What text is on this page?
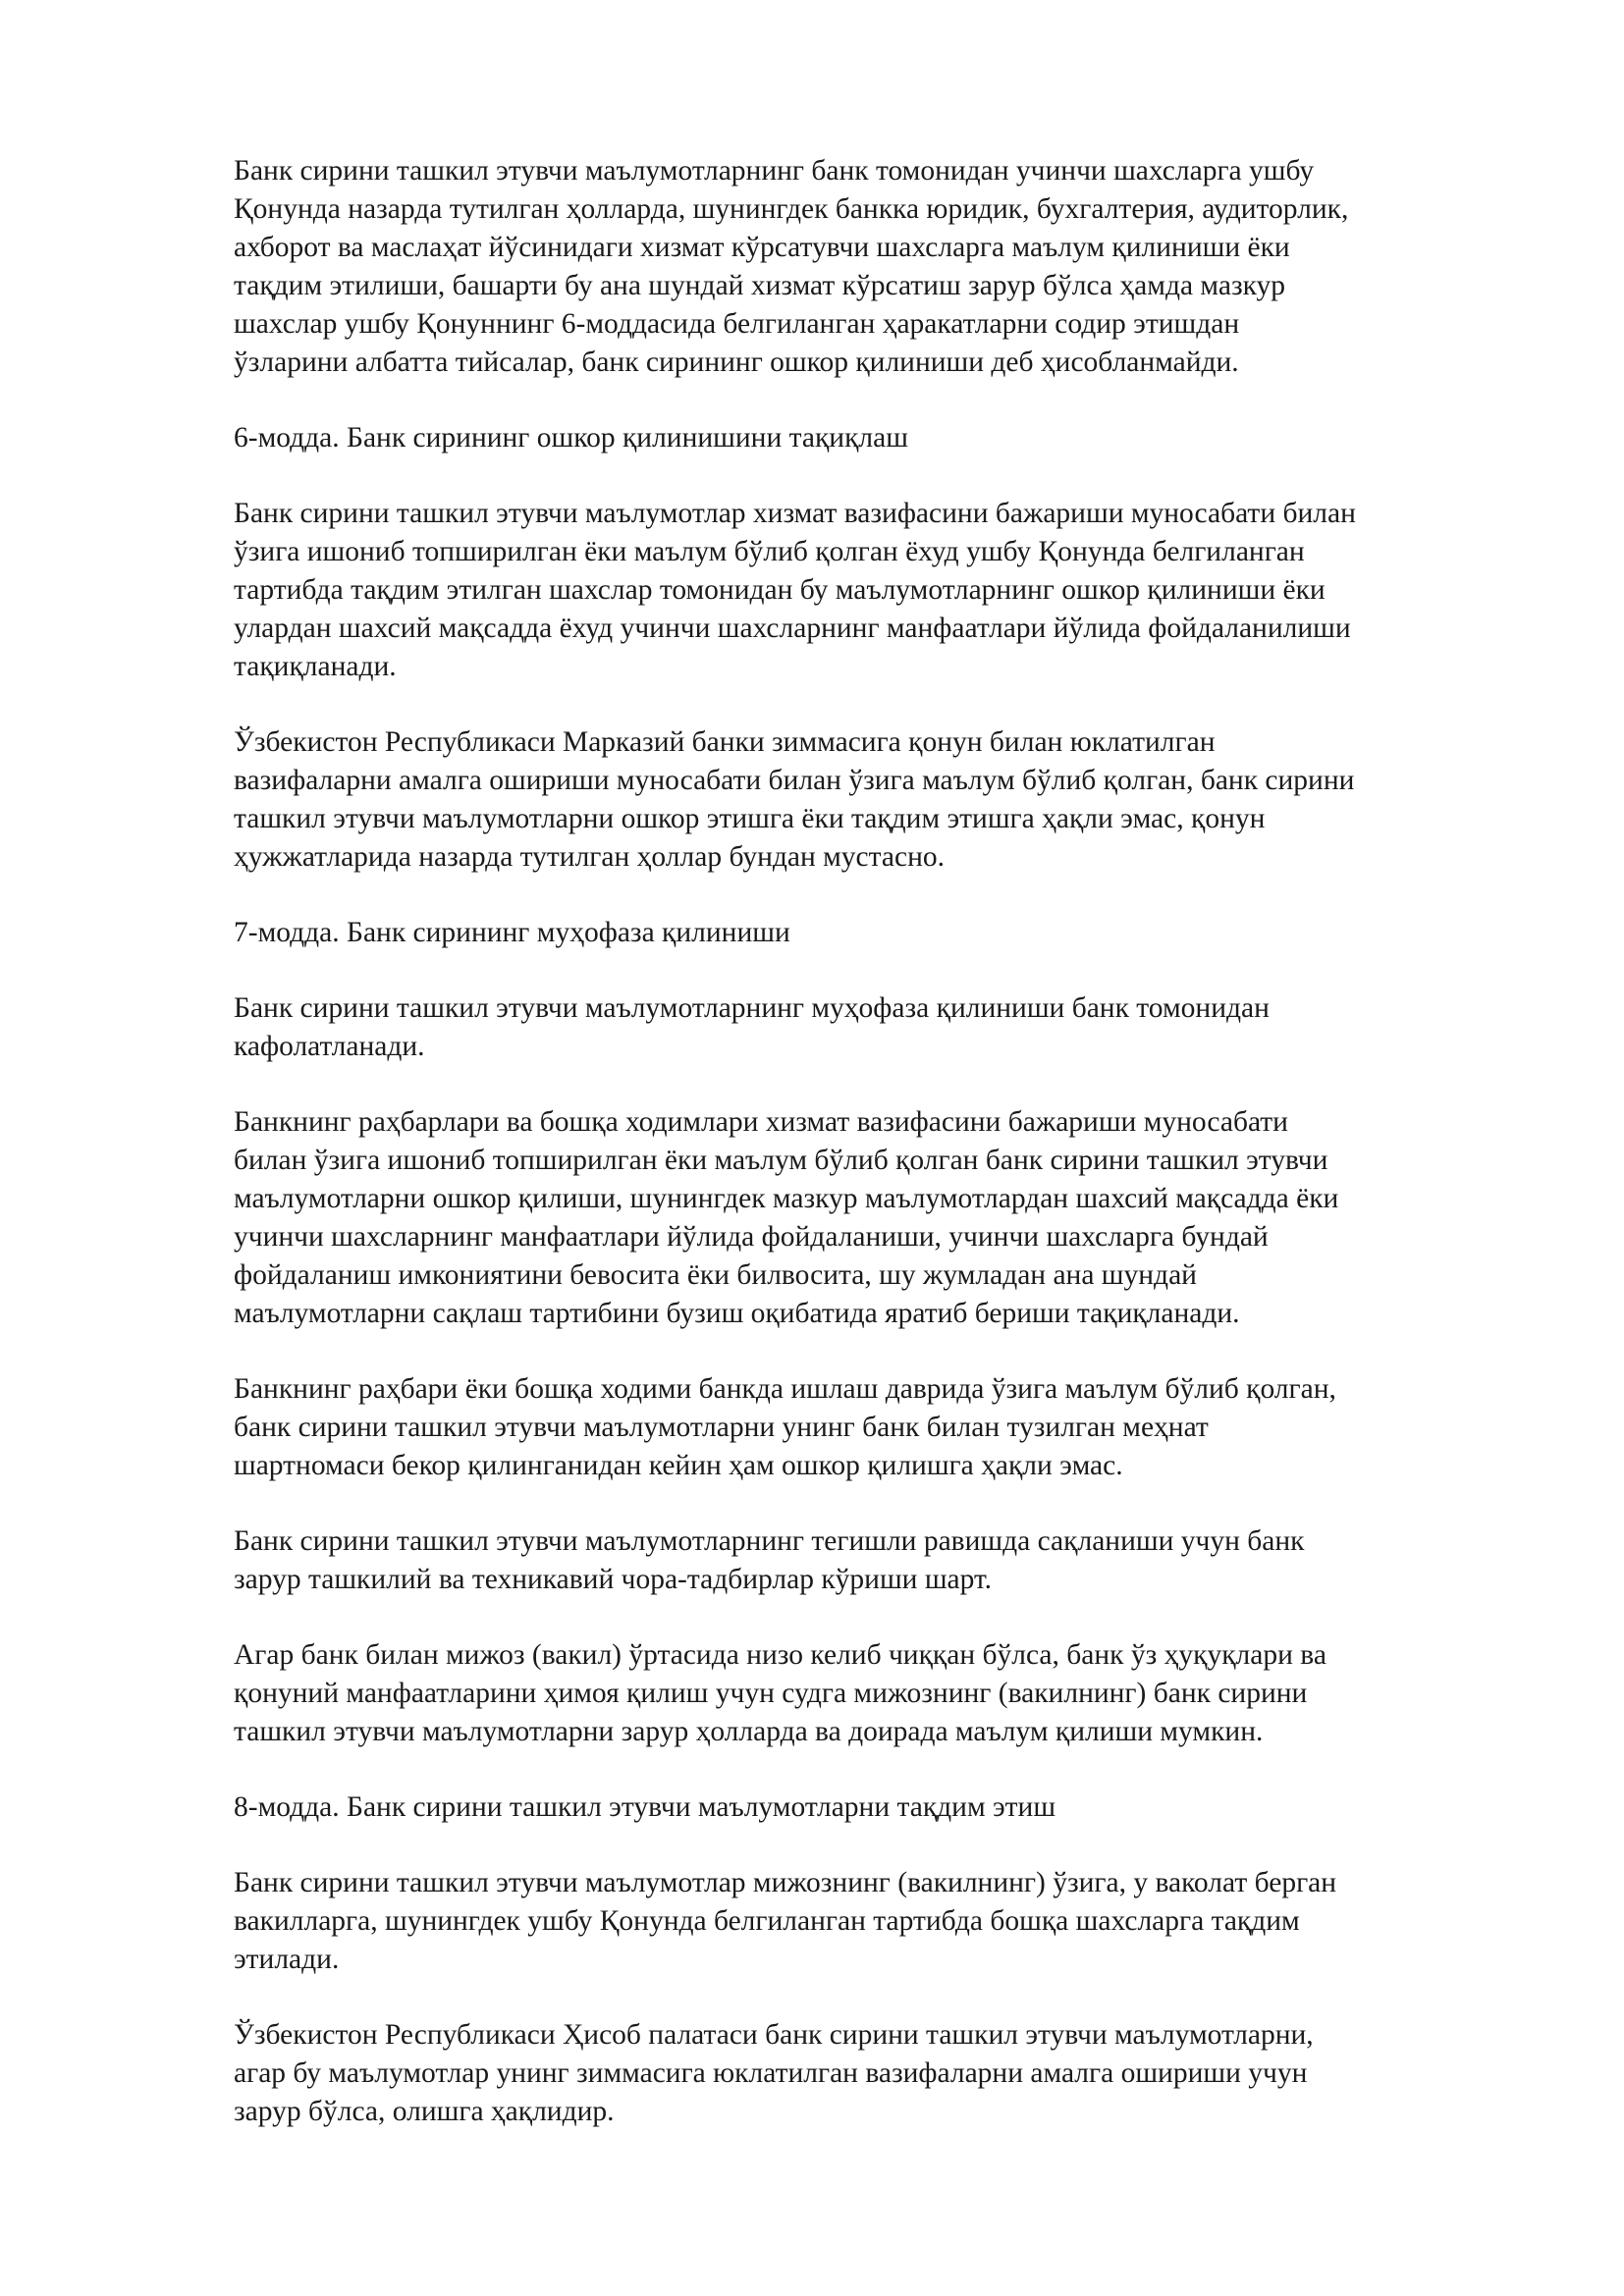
Банк сирини ташкил этувчи маълумотларнинг банк томонидан учинчи шахсларга ушбу
Қонунда назарда тутилган ҳолларда, шунингдек банкка юридик, бухгалтерия, аудиторлик,
ахборот ва маслаҳат йўсинидаги хизмат кўрсатувчи шахсларга маълум қилиниши ёки
тақдим этилиши, башарти бу ана шундай хизмат кўрсатиш зарур бўлса ҳамда мазкур
шахслар ушбу Қонуннинг 6-моддасида белгиланган ҳаракатларни содир этишдан
ўзларини албатта тийсалар, банк сирининг ошкор қилиниши деб ҳисобланмайди.

6-модда. Банк сирининг ошкор қилинишини тақиқлаш

Банк сирини ташкил этувчи маълумотлар хизмат вазифасини бажариши муносабати билан
ўзига ишониб топширилган ёки маълум бўлиб қолган ёхуд ушбу Қонунда белгиланган
тартибда тақдим этилган шахслар томонидан бу маълумотларнинг ошкор қилиниши ёки
улардан шахсий мақсадда ёхуд учинчи шахсларнинг манфаатлари йўлида фойдаланилиши
тақиқланади.

Ўзбекистон Республикаси Марказий банки зиммасига қонун билан юклатилган
вазифаларни амалга ошириши муносабати билан ўзига маълум бўлиб қолган, банк сирини
ташкил этувчи маълумотларни ошкор этишга ёки тақдим этишга ҳақли эмас, қонун
ҳужжатларида назарда тутилган ҳоллар бундан мустасно.

7-модда. Банк сирининг муҳофаза қилиниши

Банк сирини ташкил этувчи маълумотларнинг муҳофаза қилиниши банк томонидан
кафолатланади.

Банкнинг раҳбарлари ва бошқа ходимлари хизмат вазифасини бажариши муносабати
билан ўзига ишониб топширилган ёки маълум бўлиб қолган банк сирини ташкил этувчи
маълумотларни ошкор қилиши, шунингдек мазкур маълумотлардан шахсий мақсадда ёки
учинчи шахсларнинг манфаатлари йўлида фойдаланиши, учинчи шахсларга бундай
фойдаланиш имкониятини бевосита ёки билвосита, шу жумладан ана шундай
маълумотларни сақлаш тартибини бузиш оқибатида яратиб бериши тақиқланади.

Банкнинг раҳбари ёки бошқа ходими банкда ишлаш даврида ўзига маълум бўлиб қолган,
банк сирини ташкил этувчи маълумотларни унинг банк билан тузилган меҳнат
шартномаси бекор қилинганидан кейин ҳам ошкор қилишга ҳақли эмас.

Банк сирини ташкил этувчи маълумотларнинг тегишли равишда сақланиши учун банк
зарур ташкилий ва техникавий чора-тадбирлар кўриши шарт.

Агар банк билан мижоз (вакил) ўртасида низо келиб чиққан бўлса, банк ўз ҳуқуқлари ва
қонуний манфаатларини ҳимоя қилиш учун судга мижознинг (вакилнинг) банк сирини
ташкил этувчи маълумотларни зарур ҳолларда ва доирада маълум қилиши мумкин.

8-модда. Банк сирини ташкил этувчи маълумотларни тақдим этиш

Банк сирини ташкил этувчи маълумотлар мижознинг (вакилнинг) ўзига, у ваколат берган
вакилларга, шунингдек ушбу Қонунда белгиланган тартибда бошқа шахсларга тақдим
этилади.

Ўзбекистон Республикаси Ҳисоб палатаси банк сирини ташкил этувчи маълумотларни,
агар бу маълумотлар унинг зиммасига юклатилган вазифаларни амалга ошириши учун
зарур бўлса, олишга ҳақлидир.
